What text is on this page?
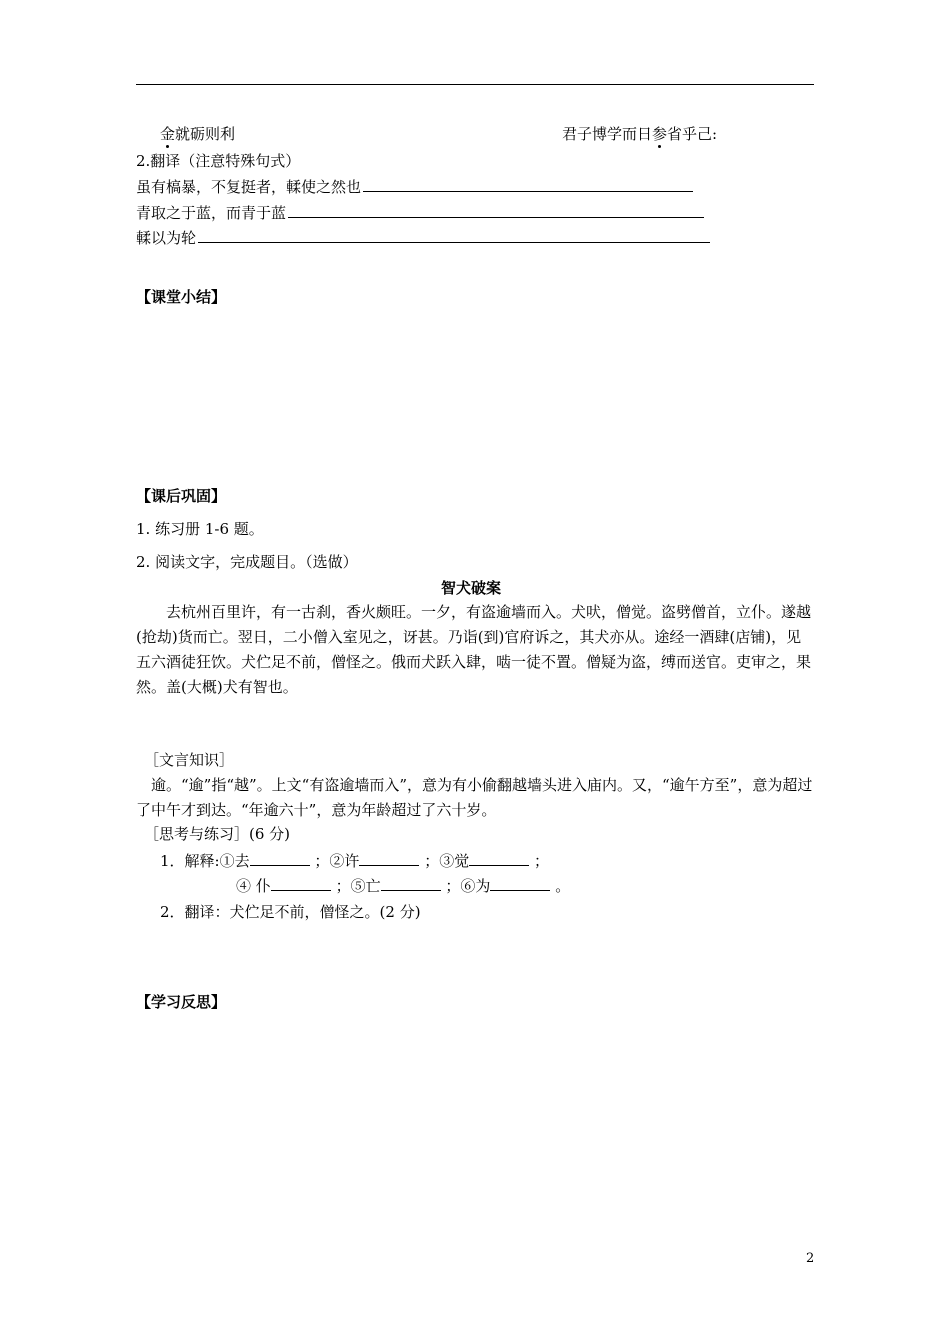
金就砺则利	君子博学而日参省乎己:
2.翻译（注意特殊句式）
虽有槁暴，不复挺者，輮使之然也
青取之于蓝，而青于蓝
輮以为轮
【课堂小结】
【课后巩固】
1. 练习册 1-6 题。
2. 阅读文字，完成题目。（选做）
智犬破案

去杭州百里许，有一古刹，香火颇旺。一夕，有盗逾墙而入。犬吠，僧觉。盗劈僧首，立仆。遂越(抢劫)货而亡。翌日，二小僧入室见之，讶甚。乃诣(到)官府诉之，其犬亦从。途经一酒肆(店铺)，见五六酒徒狂饮。犬伫足不前，僧怪之。俄而犬跃入肆，啮一徒不置。僧疑为盗，缚而送官。吏审之，果然。盖(大概)犬有智也。

［文言知识］

逾。“逾”指“越”。上文“有盗逾墙而入”，意为有小偷翻越墙头进入庙内。又，“逾午方至”，意为超过了中午才到达。“年逾六十”，意为年龄超过了六十岁。

［思考与练习］(6 分)
1．解释:①去	；②许	；③觉	；
④ 仆	；⑤亡	；⑥为	。
2．翻译：犬伫足不前，僧怪之。(2 分)
【学习反思】
2
